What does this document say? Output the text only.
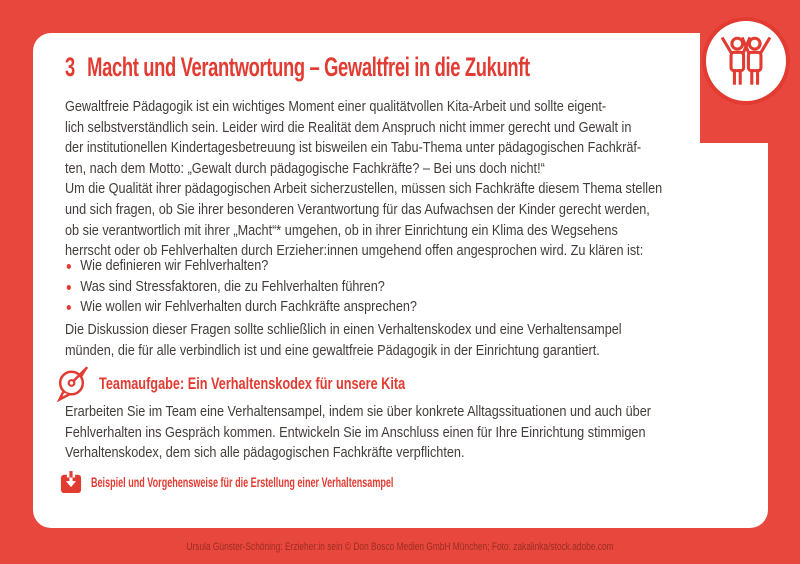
3 Macht und Verantwortung – Gewaltfrei in die Zukunft
Gewaltfreie Pädagogik ist ein wichtiges Moment einer qualitätvollen Kita-Arbeit und sollte eigent-
lich selbstverständlich sein. Leider wird die Realität dem Anspruch nicht immer gerecht und Gewalt in
der institutionellen Kindertagesbetreuung ist bisweilen ein Tabu-Thema unter pädagogischen Fachkräf-
ten, nach dem Motto: „Gewalt durch pädagogische Fachkräfte? – Bei uns doch nicht!“
Um die Qualität ihrer pädagogischen Arbeit sicherzustellen, müssen sich Fachkräfte diesem Thema stellen
und sich fragen, ob Sie ihrer besonderen Verantwortung für das Aufwachsen der Kinder gerecht werden,
ob sie verantwortlich mit ihrer „Macht“* umgehen, ob in ihrer Einrichtung ein Klima des Wegsehens
herrscht oder ob Fehlverhalten durch Erzieher:innen umgehend offen angesprochen wird. Zu klären ist:
Wie definieren wir Fehlverhalten?
Was sind Stressfaktoren, die zu Fehlverhalten führen?
Wie wollen wir Fehlverhalten durch Fachkräfte ansprechen?
Die Diskussion dieser Fragen sollte schließlich in einen Verhaltenskodex und eine Verhaltensampel
münden, die für alle verbindlich ist und eine gewaltfreie Pädagogik in der Einrichtung garantiert.
Teamaufgabe: Ein Verhaltenskodex für unsere Kita
Erarbeiten Sie im Team eine Verhaltensampel, indem sie über konkrete Alltagssituationen und auch über
Fehlverhalten ins Gespräch kommen. Entwickeln Sie im Anschluss einen für Ihre Einrichtung stimmigen
Verhaltenskodex, dem sich alle pädagogischen Fachkräfte verpflichten.
Beispiel und Vorgehensweise für die Erstellung einer Verhaltensampel
Ursula Günster-Schöning: Erzieher:in sein © Don Bosco Medien GmbH München; Foto: zakalinka/stock.adobe.com
